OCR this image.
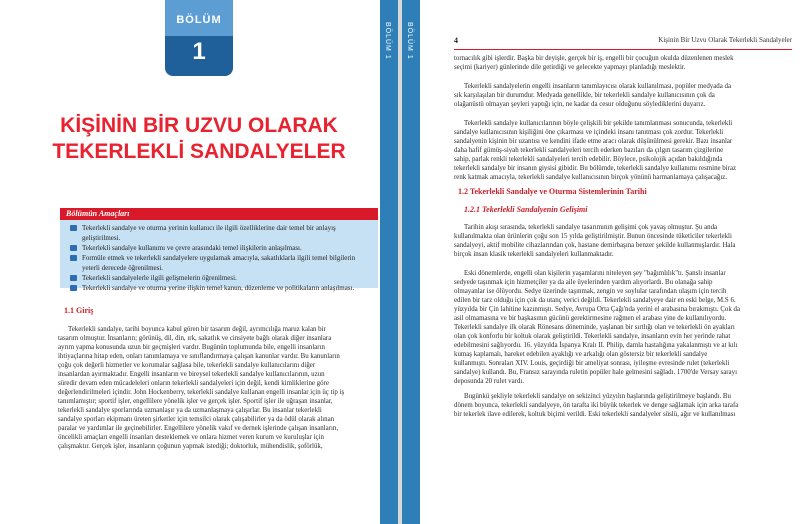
BÖLÜM
1
KİŞİNİN BİR UZVU OLARAK
TEKERLEKLİ SANDALYELER
Bölümün Amaçları
Tekerlekli sandalye ve oturma yerinin kullanıcı ile ilgili özelliklerine dair temel bir anlayış geliştirilmesi.
Tekerlekli sandalye kullanımı ve çevre arasındaki temel ilişkilerin anlaşılması.
Formüle etmek ve tekerlekli sandalyelere uygulamak amacıyla, sakatlıklarla ilgili temel bilgilerin yeterli derecede öğrenilmesi.
Tekerlekli sandalyelerle ilgili gelişmelerin öğrenilmesi.
Tekerlekli sandalye ve oturma yerine ilişkin temel kanun, düzenleme ve politikaların anlaşılması.
1.1 Giriş
Tekerlekli sandalye, tarihi boyunca kabul gören bir tasarım değil, ayrımcılığa maruz kalan bir
tasarım olmuştur. İnsanların; görünüş, dil, din, ırk, sakatlık ve cinsiyete bağlı olarak diğer insanlara
ayrım yapma konusunda uzun bir geçmişleri vardır. Bugünün toplumunda bile, engelli insanların
ihtiyaçlarına hitap eden, onları tanımlamaya ve sınıflandırmaya çalışan kanunlar vardır. Bu kanunların
çoğu çok değerli hizmetler ve korumalar sağlasa bile, tekerlekli sandalye kullanıcılarını diğer
insanlardan ayırmaktadır. Engelli insanların ve bireysel tekerlekli sandalye kullanıcılarının, uzun
süredir devam eden mücadeleleri onların tekerlekli sandalyeleri için değil, kendi kimliklerine göre
değerlendirilmeleri içindir. John Hockenberry, tekerlekli sandalye kullanan engelli insanlar için üç tip iş
tanımlamıştır; sportif işler, engellilere yönelik işler ve gerçek işler. Sportif işler ile uğraşan insanlar,
tekerlekli sandalye sporlarında uzmanlaşır ya da uzmanlaşmaya çalışırlar. Bu insanlar tekerlekli
sandalye sporları ekipmanı üreten şirketler için temsilci olarak çalışabilirler ya da ödül olarak alınan
paralar ve yardımlar ile geçinebilirler. Engellilere yönelik vakıf ve dernek işlerinde çalışan insanların,
öncelikli amaçları engelli insanları desteklemek ve onlara hizmet veren kurum ve kuruluşlar için
çalışmaktır. Gerçek işler, insanların çoğunun yapmak istediği; doktorluk, mühendislik, şoförlük,
BÖLÜM 1 BÖLÜM 1	4	Kişinin Bir Uzvu Olarak Tekerlekli Sandalyeler
tornacılık gibi işlerdir. Başka bir deyişle, gerçek bir iş, engelli bir çocuğun okulda düzenlenen meslek
seçimi (kariyer) günlerinde dile getirdiği ve gelecekte yapmayı planladığı meslektir.
Tekerlekli sandalyelerin engelli insanların tanımlayıcısı olarak kullanılması, popüler medyada da
sık karşılaşılan bir durumdur. Medyada genellikle, bir tekerlekli sandalye kullanıcısının çok da
olağanüstü olmayan şeyleri yaptığı için, ne kadar da cesur olduğunu söylediklerini duyarız.
Tekerlekli sandalye kullanıcılarının böyle çelişkili bir şekilde tanımlanması sonucunda, tekerlekli
sandalye kullanıcısının kişiliğini öne çıkarması ve içindeki insanı tanıtması çok zordur. Tekerlekli
sandalyenin kişinin bir uzantısı ve kendini ifade etme aracı olarak düşünülmesi gerekir. Bazı insanlar
daha hafif gümüş-siyah tekerlekli sandalyeleri tercih ederken bazıları da çılgın tasarım çizgilerine
sahip, parlak renkli tekerlekli sandalyeleri tercih edebilir. Böylece, psikolojik açıdan bakıldığında
tekerlekli sandalye bir insanın giysisi gibidir. Bu bölümde, tekerlekli sandalye kullanımı resmine biraz
renk katmak amacıyla, tekerlekli sandalye kullanıcısının birçok yönünü harmanlamaya çalışacağız.
1.2 Tekerlekli Sandalye ve Oturma Sistemlerinin Tarihi
1.2.1 Tekerlekli Sandalyenin Gelişimi
Tarihin akışı sırasında, tekerlekli sandalye tasarımının gelişimi çok yavaş olmuştur. Şu anda
kullanılmakta olan ürünlerin çoğu son 15 yılda geliştirilmiştir. Bunun öncesinde tüketiciler tekerlekli
sandalyeyi, aktif mobilite cihazlarından çok, hastane demirbaşına benzer şekilde kullanmışlardır. Hala
birçok insan klasik tekerlekli sandalyeleri kullanmaktadır.
Eski dönemlerde, engelli olan kişilerin yaşamlarını niteleyen şey "bağımlılık"tı. Şanslı insanlar
sedyede taşınmak için hizmetçiler ya da aile üyelerinden yardım alıyorlardı. Bu olanağa sahip
olmayanlar ise ölüyordu. Sedye üzerinde taşınmak, zengin ve soylular tarafından ulaşım için tercih
edilen bir tarz olduğu için çok da utanç verici değildi. Tekerlekli sandalyeye dair en eski belge, M.S 6.
yüzyılda bir Çin lahitine kazınmıştı. Sedye, Avrupa Orta Çağı'nda yerini el arabasına bırakmıştı. Çok da
asil olmamasına ve bir başkasının gücünü gerektirmesine rağmen el arabası yine de kullanılıyordu.
Tekerlekli sandalye ilk olarak Rönesans döneminde, yaşlanan bir sırtlığı olan ve tekerlekli ön ayakları
olan çok konforlu bir koltuk olarak geliştirildi. Tekerlekli sandalye, insanların evin her yerinde rahat
edebilmesini sağlıyordu. 16. yüzyılda İspanya Kralı II. Philip, damla hastalığına yakalanmıştı ve at kılı
kumaş kaplamalı, hareket edebilen ayaklığı ve arkalığı olan göstersiz bir tekerlekli sandalye
kullanmıştı. Sonraları XIV. Louis, geçirdiği bir ameliyat sonrası, iyileşme evresinde rulet (tekerlekli
sandalye) kullandı. Bu, Fransız sarayında ruletin popüler hale gelmesini sağladı. 1700'de Versay sarayı
deposunda 20 rulet vardı.
Bugünkü şekliyle tekerlekli sandalye on sekizinci yüzyılın başlarında geliştirilmeye başlandı. Bu
dönem boyunca, tekerlekli sandalyeye, ön tarafta iki büyük tekerlek ve denge sağlamak için arka tarafa
bir tekerlek ilave edilerek, koltuk biçimi verildi. Eski tekerlekli sandalyeler süslü, ağır ve kullanılması
